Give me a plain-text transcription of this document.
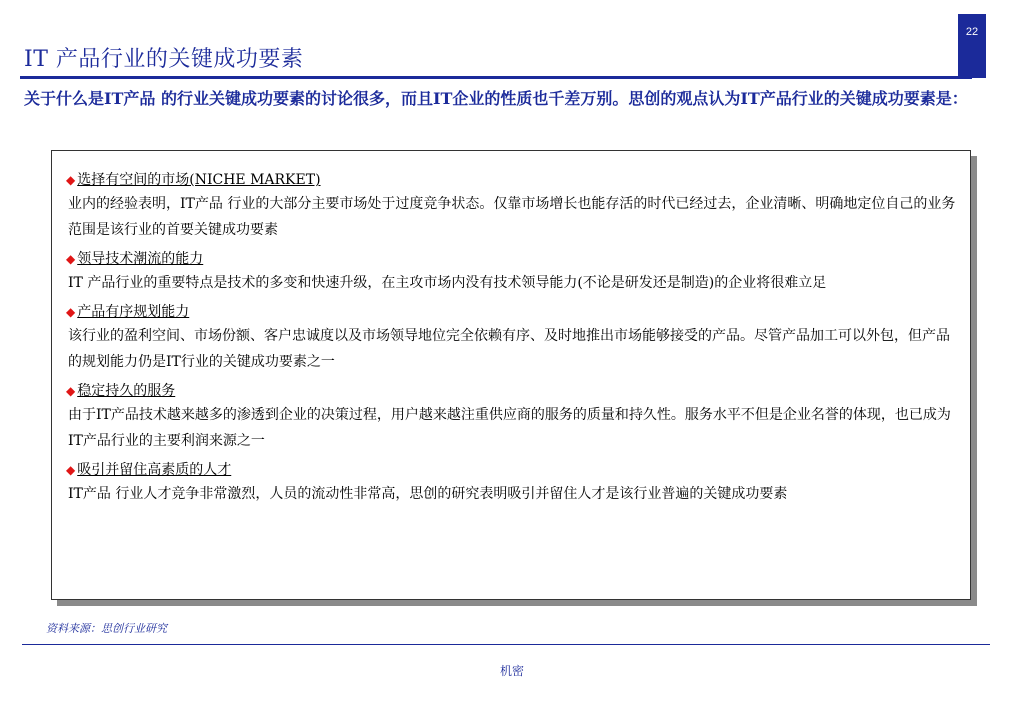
22
IT 产品行业的关键成功要素
关于什么是IT产品 的行业关键成功要素的讨论很多，而且IT企业的性质也千差万别。思创的观点认为IT产品行业的关键成功要素是：
◆ 选择有空间的市场(NICHE MARKET)
业内的经验表明，IT产品 行业的大部分主要市场处于过度竞争状态。仅靠市场增长也能存活的时代已经过去，企业清晰、明确地定位自己的业务范围是该行业的首要关键成功要素
◆ 领导技术潮流的能力
IT 产品行业的重要特点是技术的多变和快速升级，在主攻市场内没有技术领导能力(不论是研发还是制造)的企业将很难立足
◆ 产品有序规划能力
该行业的盈利空间、市场份额、客户忠诚度以及市场领导地位完全依赖有序、及时地推出市场能够接受的产品。尽管产品加工可以外包，但产品的规划能力仍是IT行业的关键成功要素之一
◆ 稳定持久的服务
由于IT产品技术越来越多的渗透到企业的决策过程，用户越来越注重供应商的服务的质量和持久性。服务水平不但是企业名誉的体现，也已成为IT产品行业的主要利润来源之一
◆ 吸引并留住高素质的人才
IT产品 行业人才竞争非常激烈，人员的流动性非常高，思创的研究表明吸引并留住人才是该行业普遍的关键成功要素
资料来源：思创行业研究
机密
